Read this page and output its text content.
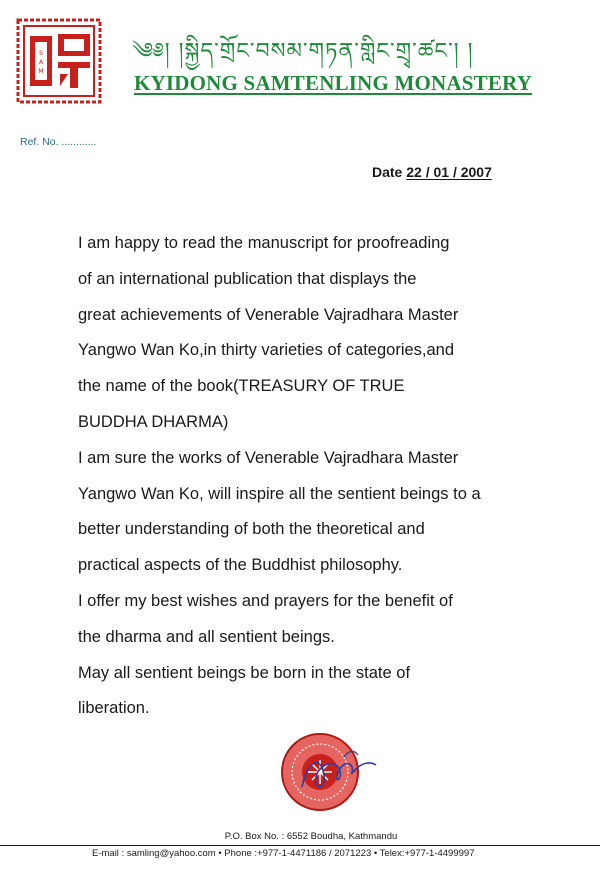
S
A
M
༄༅། །སྐྱིད་གྲོང་བསམ་གཏན་གླིང་གྲྭ་ཚང་། །
KYIDONG SAMTENLING MONASTERY
Ref. No. ............
Date 22 / 01 / 2007
I am happy to read the manuscript for proofreading
of an international publication that displays the
great achievements of Venerable Vajradhara Master
Yangwo Wan Ko,in thirty varieties of categories,and
the name of the book(TREASURY OF TRUE
BUDDHA DHARMA)
I am sure the works of Venerable Vajradhara Master
Yangwo Wan Ko, will inspire all the sentient beings to a
better understanding of both the theoretical and
practical aspects of the Buddhist philosophy.
I offer my best wishes and prayers for the benefit of
the dharma and all sentient beings.
May all sentient beings be born in the state of
liberation.
P.O. Box No. : 6552 Boudha, Kathmandu
E-mail : samling@yahoo.com • Phone :+977-1-4471186 / 2071223 • Telex:+977-1-4499997
